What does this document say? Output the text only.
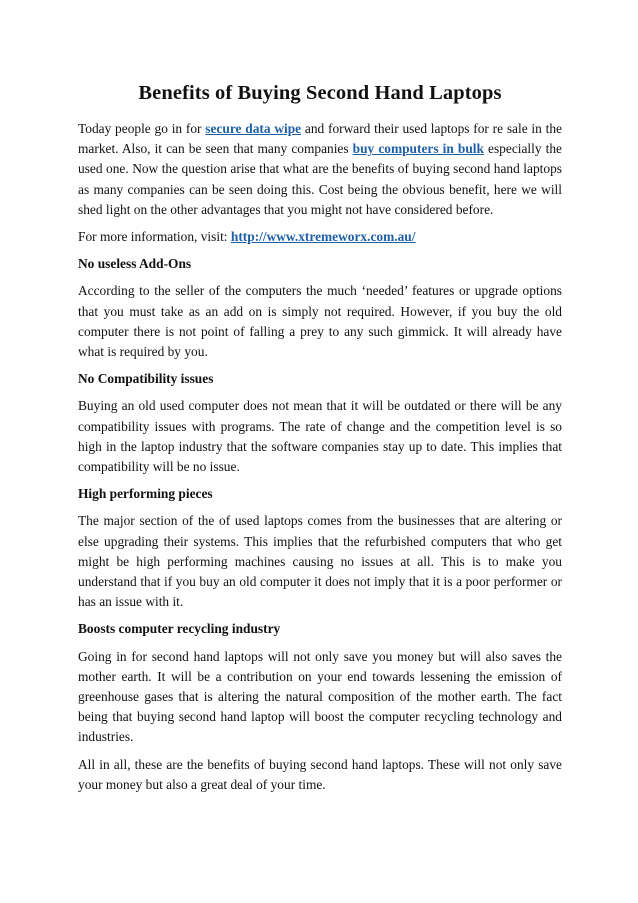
Benefits of Buying Second Hand Laptops

Today people go in for secure data wipe and forward their used laptops for re sale in the market. Also, it can be seen that many companies buy computers in bulk especially the used one. Now the question arise that what are the benefits of buying second hand laptops as many companies can be seen doing this. Cost being the obvious benefit, here we will shed light on the other advantages that you might not have considered before.

For more information, visit: http://www.xtremeworx.com.au/

No useless Add-Ons

According to the seller of the computers the much ‘needed’ features or upgrade options that you must take as an add on is simply not required. However, if you buy the old computer there is not point of falling a prey to any such gimmick. It will already have what is required by you.

No Compatibility issues

Buying an old used computer does not mean that it will be outdated or there will be any compatibility issues with programs. The rate of change and the competition level is so high in the laptop industry that the software companies stay up to date. This implies that compatibility will be no issue.

High performing pieces

The major section of the of used laptops comes from the businesses that are altering or else upgrading their systems. This implies that the refurbished computers that who get might be high performing machines causing no issues at all. This is to make you understand that if you buy an old computer it does not imply that it is a poor performer or has an issue with it.

Boosts computer recycling industry

Going in for second hand laptops will not only save you money but will also saves the mother earth. It will be a contribution on your end towards lessening the emission of greenhouse gases that is altering the natural composition of the mother earth. The fact being that buying second hand laptop will boost the computer recycling technology and industries.

All in all, these are the benefits of buying second hand laptops. These will not only save your money but also a great deal of your time.
